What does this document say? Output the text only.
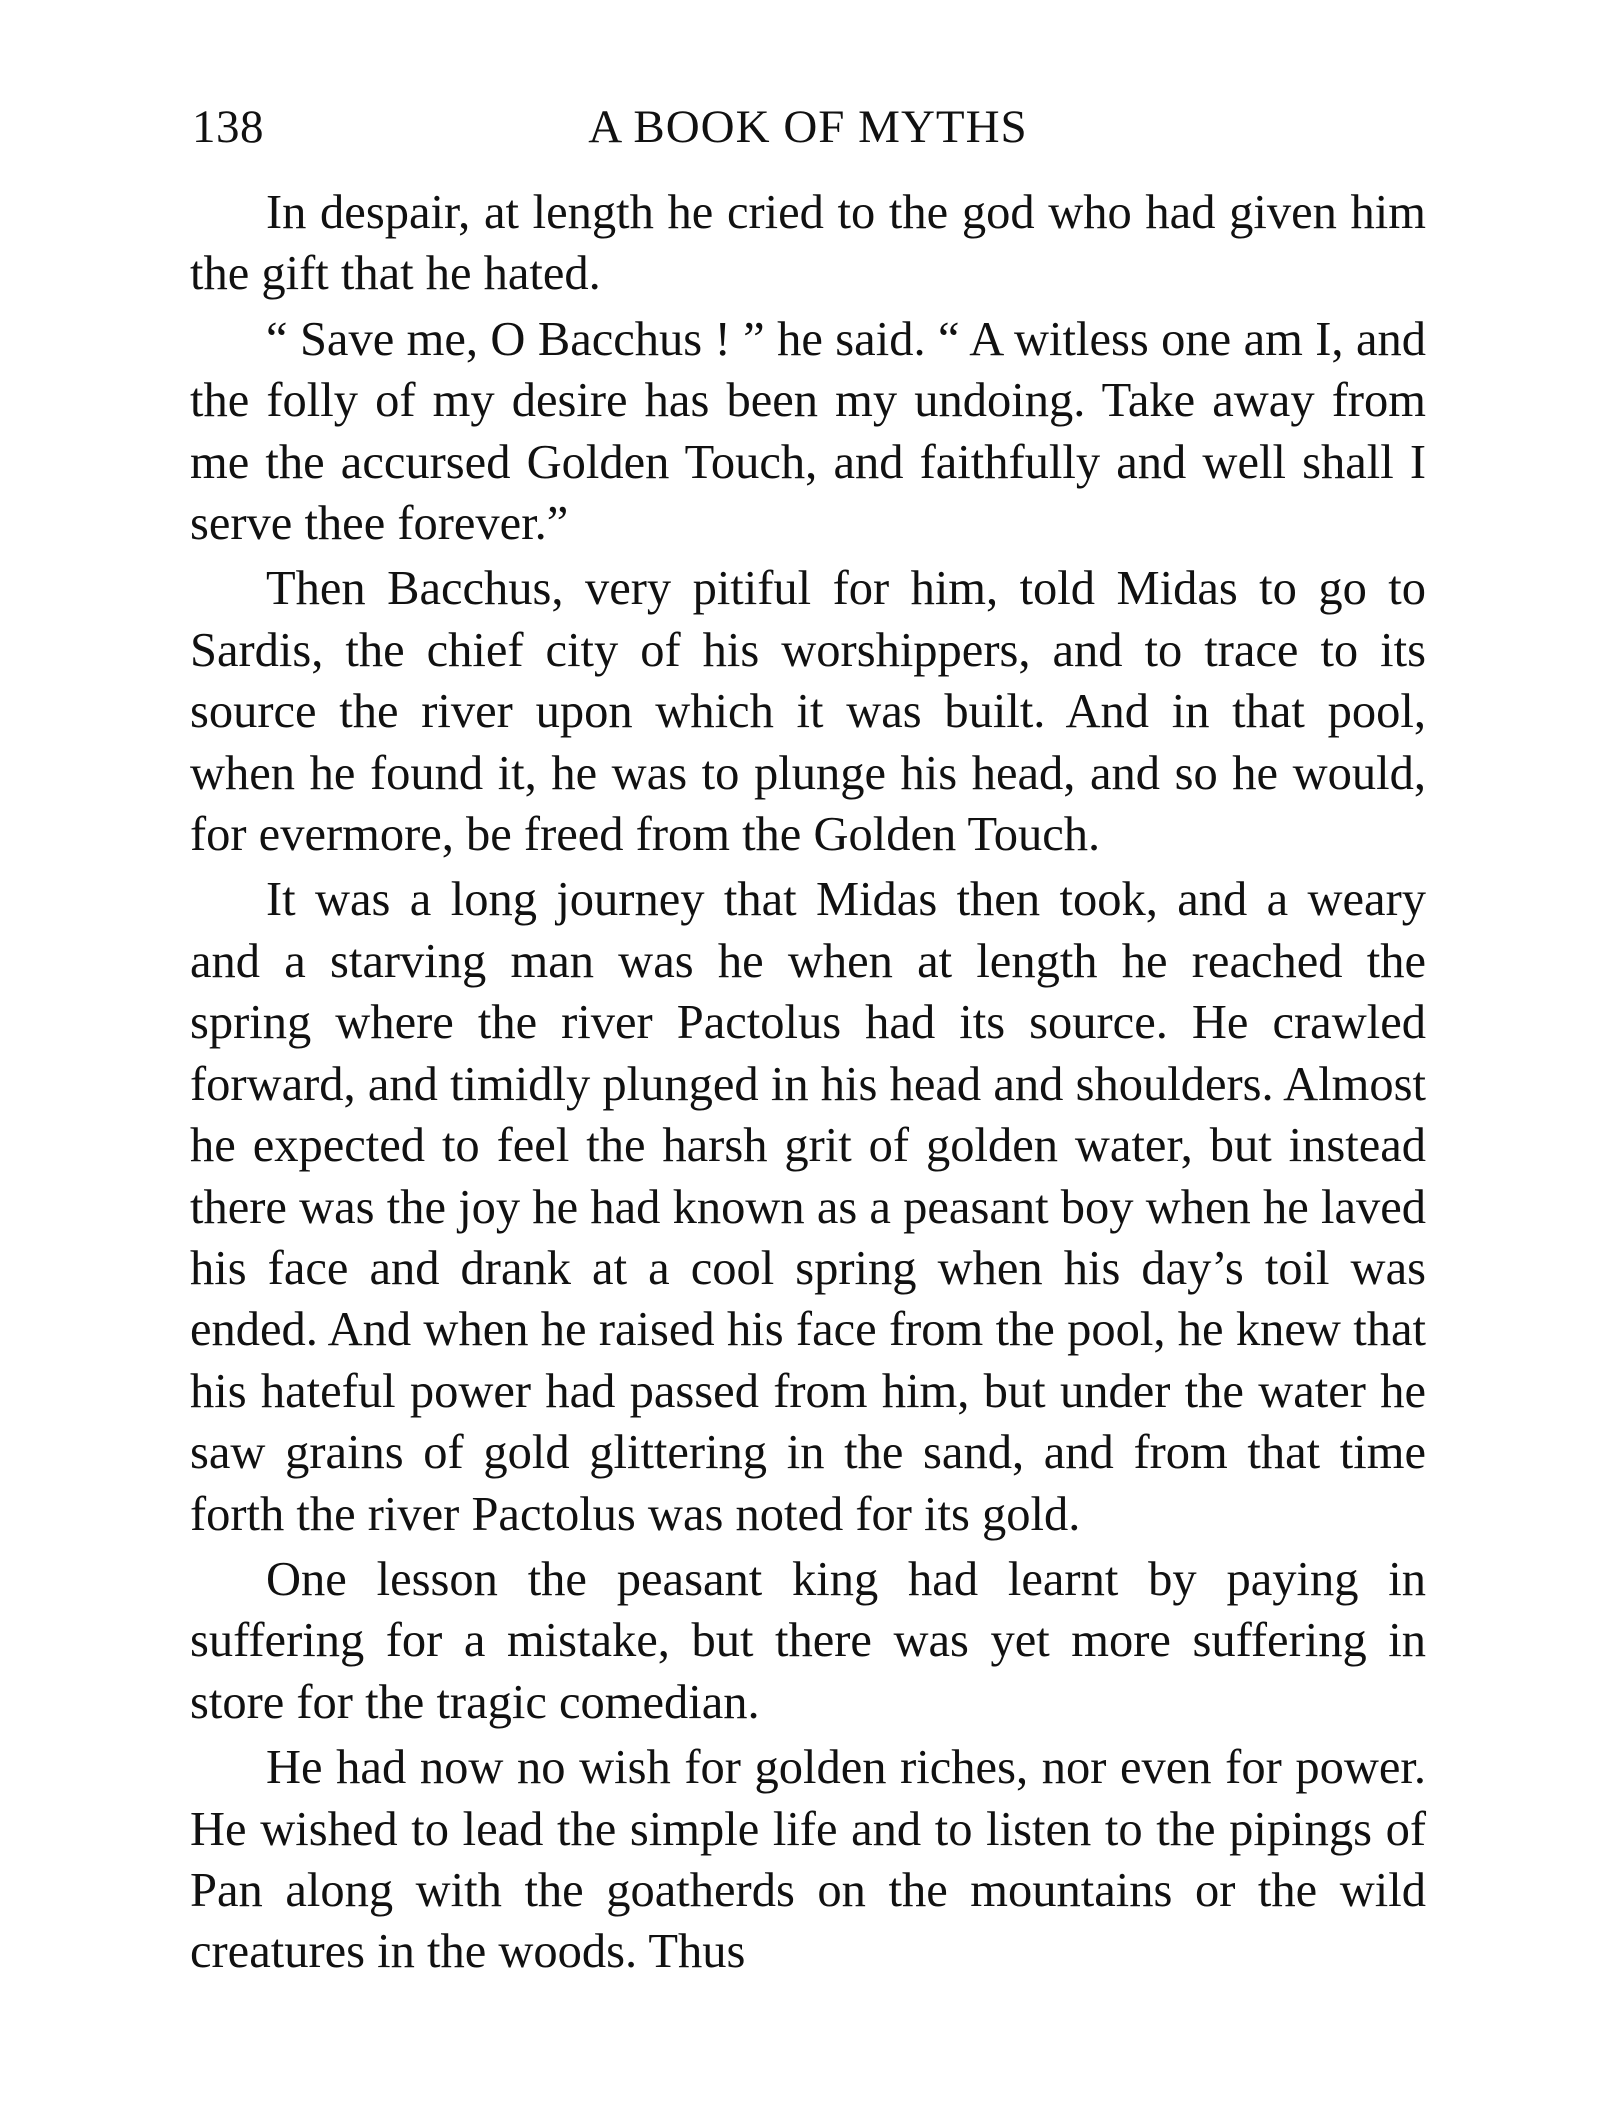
138	A BOOK OF MYTHS

In despair, at length he cried to the god who had given him the gift that he hated.

“ Save me, O Bacchus ! ” he said. “ A witless one am I, and the folly of my desire has been my undoing. Take away from me the accursed Golden Touch, and faithfully and well shall I serve thee forever.”

Then Bacchus, very pitiful for him, told Midas to go to Sardis, the chief city of his worshippers, and to trace to its source the river upon which it was built. And in that pool, when he found it, he was to plunge his head, and so he would, for evermore, be freed from the Golden Touch.

It was a long journey that Midas then took, and a weary and a starving man was he when at length he reached the spring where the river Pactolus had its source. He crawled forward, and timidly plunged in his head and shoulders. Almost he expected to feel the harsh grit of golden water, but instead there was the joy he had known as a peasant boy when he laved his face and drank at a cool spring when his day’s toil was ended. And when he raised his face from the pool, he knew that his hateful power had passed from him, but under the water he saw grains of gold glittering in the sand, and from that time forth the river Pactolus was noted for its gold.

One lesson the peasant king had learnt by paying in suffering for a mistake, but there was yet more suffering in store for the tragic comedian.

He had now no wish for golden riches, nor even for power. He wished to lead the simple life and to listen to the pipings of Pan along with the goatherds on the mountains or the wild creatures in the woods. Thus
